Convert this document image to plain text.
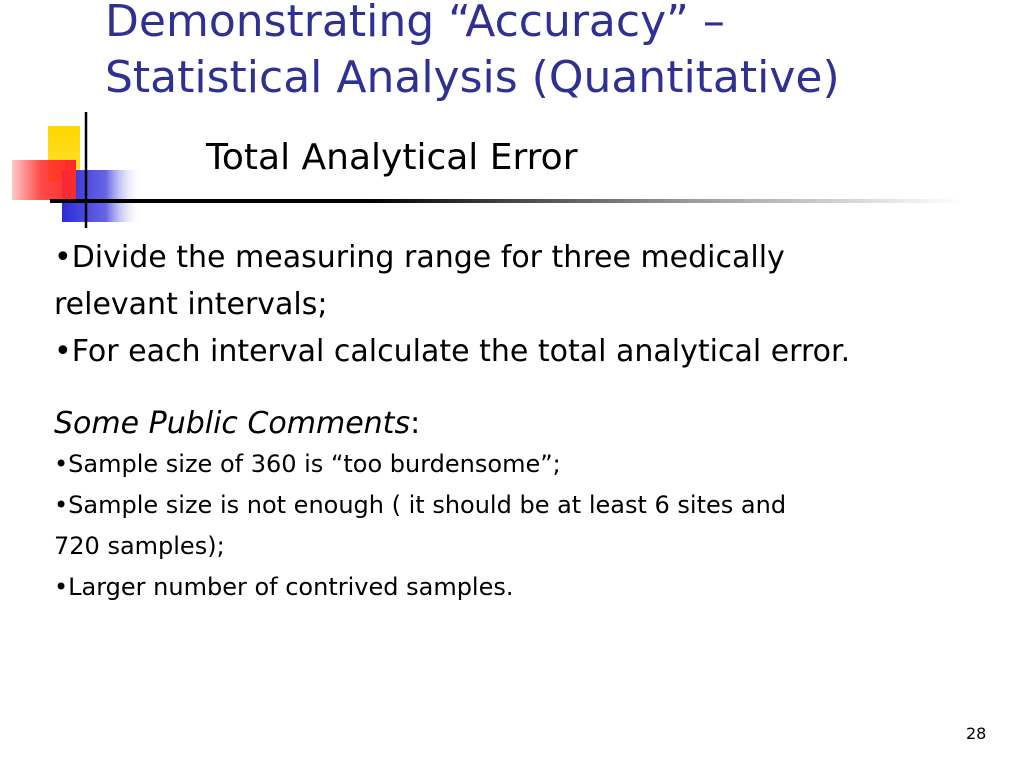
Demonstrating “Accuracy” –
Statistical Analysis (Quantitative)
Total Analytical Error

•Divide the measuring range for three medically

relevant intervals;

•For each interval calculate the total analytical error.

Some Public Comments:

•Sample size of 360 is “too burdensome”;

•Sample size is not enough ( it should be at least 6 sites and

720 samples);

•Larger number of contrived samples.

28
